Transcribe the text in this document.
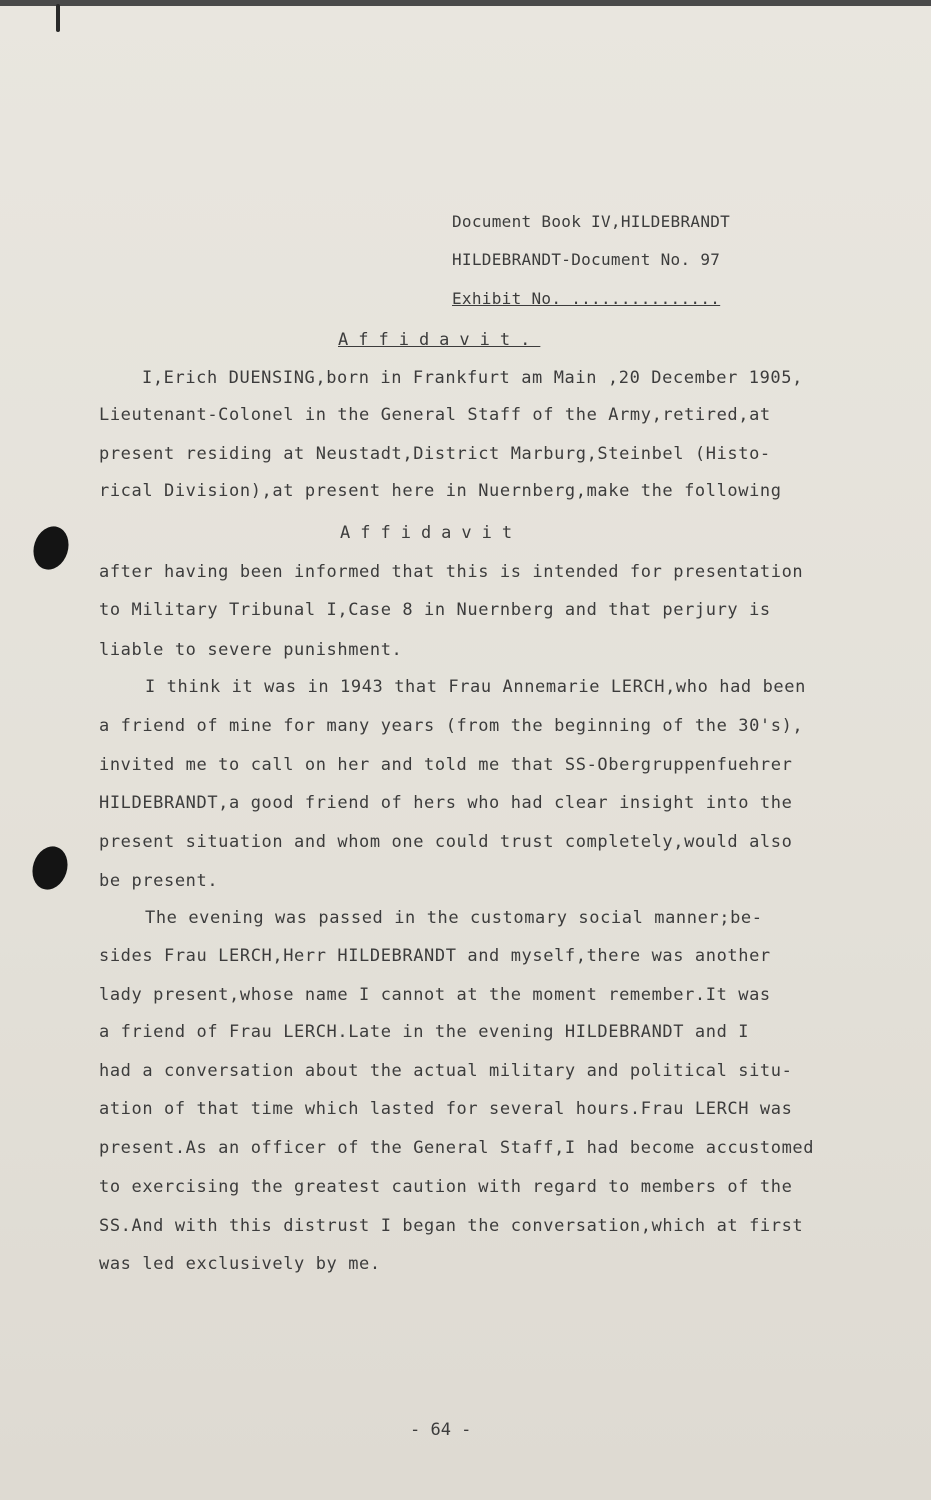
Document Book IV,HILDEBRANDT
HILDEBRANDT-Document No. 97
Exhibit No. ...............
Affidavit.
I,Erich DUENSING,born in Frankfurt am Main ,20 December 1905,
Lieutenant-Colonel in the General Staff of the Army,retired,at
present residing at Neustadt,District Marburg,Steinbel (Histo-
rical Division),at present here in Nuernberg,make the following
Affidavit
after having been informed that this is intended for presentation
to Military Tribunal I,Case 8 in Nuernberg and that perjury is
liable to severe punishment.
I think it was in 1943 that Frau Annemarie LERCH,who had been
a friend of mine for many years (from the beginning of the 30's),
invited me to call on her and told me that SS-Obergruppenfuehrer
HILDEBRANDT,a good friend of hers who had clear insight into the
present situation and whom one could trust completely,would also
be present.
The evening was passed in the customary social manner;be-
sides Frau LERCH,Herr HILDEBRANDT and myself,there was another
lady present,whose name I cannot at the moment remember.It was
a friend of Frau LERCH.Late in the evening HILDEBRANDT and I
had a conversation about the actual military and political situ-
ation of that time which lasted for several hours.Frau LERCH was
present.As an officer of the General Staff,I had become accustomed
to exercising the greatest caution with regard to members of the
SS.And with this distrust I began the conversation,which at first
was led exclusively by me.
- 64 -
